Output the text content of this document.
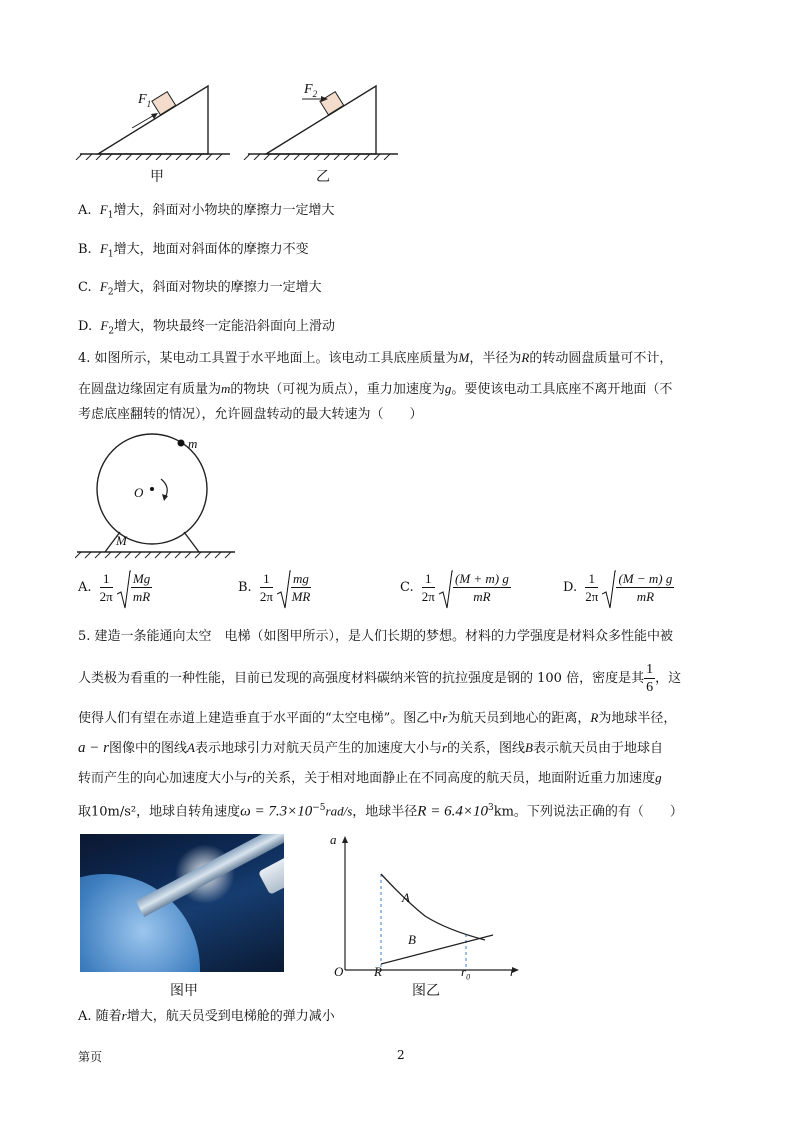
$F_1$
$F_2$
甲	乙
A. $F_1$增大，斜面对小物块的摩擦力一定增大
B. $F_1$增大，地面对斜面体的摩擦力不变
C. $F_2$增大，斜面对物块的摩擦力一定增大
D. $F_2$增大，物块最终一定能沿斜面向上滑动
4. 如图所示，某电动工具置于水平地面上。该电动工具底座质量为M，半径为R的转动圆盘质量可不计，
在圆盘边缘固定有质量为m的物块（可视为质点），重力加速度为g。要使该电动工具底座不离开地面（不
考虑底座翻转的情况），允许圆盘转动的最大转速为（　　）
m
O
M
A. $\frac{1}{2\pi}$
$\frac{Mg}{mR}$	B. $\frac{1}{2\pi}$
$\frac{mg}{MR}$	C. $\frac{1}{2\pi}$
$\frac{(M + m) g}{mR}$	D. $\frac{1}{2\pi}$
$\frac{(M - m) g}{mR}$
5. 建造一条能通向太空　电梯（如图甲所示），是人们长期的梦想。材料的力学强度是材料众多性能中被
人类极为看重的一种性能，目前已发现的高强度材料碳纳米管的抗拉强度是钢的 100 倍，密度是其 $\frac{1}{6}$ ，这
使得人们有望在赤道上建造垂直于水平面的“太空电梯”。图乙中r为航天员到地心的距离，R为地球半径，
a − r图像中的图线A表示地球引力对航天员产生的加速度大小与r的关系，图线B表示航天员由于地球自
转而产生的向心加速度大小与r的关系，关于相对地面静止在不同高度的航天员，地面附近重力加速度g
取10m/s²，地球自转角速度$\omega = 7.3\times 10^{-5}rad/s$，地球半径$R = 6.4\times 10^3km$。下列说法正确的有（　　）
图甲
a
r
O R	$r_0$
A
B
图乙
A. 随着r增大，航天员受到电梯舱的弹力减小
第页	2
